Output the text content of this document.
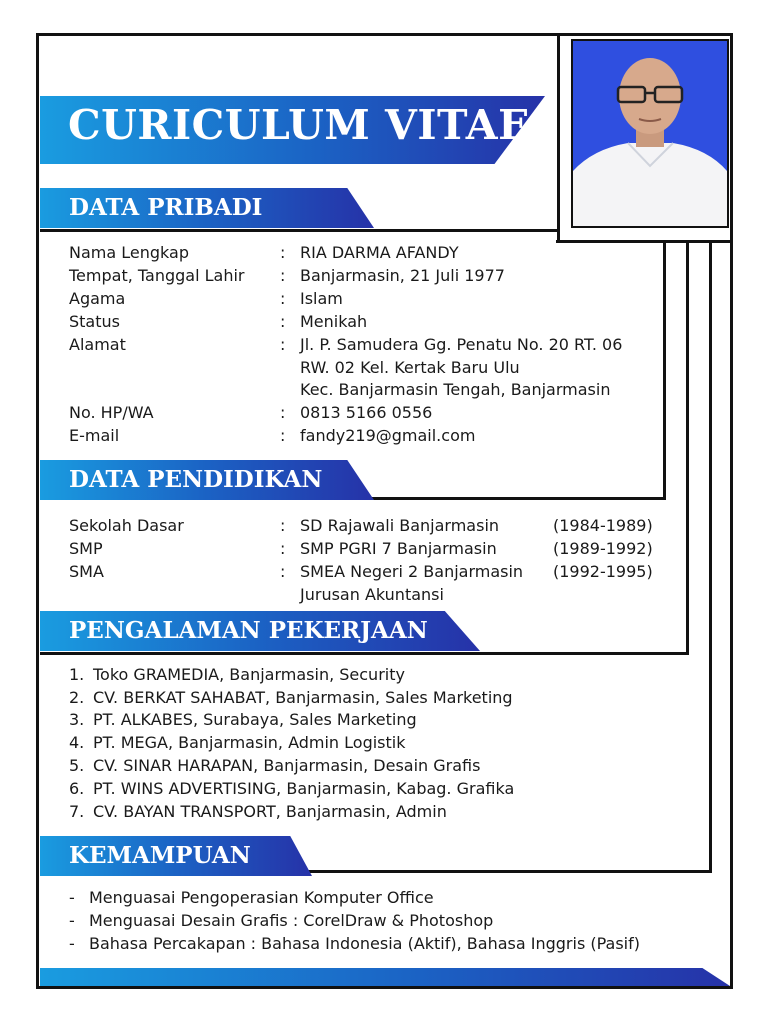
CURICULUM VITAE
DATA PRIBADI
Nama Lengkap	: RIA DARMA AFANDY
Tempat, Tanggal Lahir : Banjarmasin, 21 Juli 1977
Agama	: Islam
Status	: Menikah
Alamat	: Jl. P. Samudera Gg. Penatu No. 20 RT. 06
RW. 02 Kel. Kertak Baru Ulu
Kec. Banjarmasin Tengah, Banjarmasin
No. HP/WA	: 0813 5166 0556
E-mail	: fandy219@gmail.com
DATA PENDIDIKAN
Sekolah Dasar	: SD Rajawali Banjarmasin	(1984-1989)
SMP	: SMP PGRI 7 Banjarmasin	(1989-1992)
SMA	: SMEA Negeri 2 Banjarmasin (1992-1995)
Jurusan Akuntansi
PENGALAMAN PEKERJAAN
1. Toko GRAMEDIA, Banjarmasin, Security
2. CV. BERKAT SAHABAT, Banjarmasin, Sales Marketing
3. PT. ALKABES, Surabaya, Sales Marketing
4. PT. MEGA, Banjarmasin, Admin Logistik
5. CV. SINAR HARAPAN, Banjarmasin, Desain Grafis
6. PT. WINS ADVERTISING, Banjarmasin, Kabag. Grafika
7. CV. BAYAN TRANSPORT, Banjarmasin, Admin
KEMAMPUAN
- Menguasai Pengoperasian Komputer Office
- Menguasai Desain Grafis : CorelDraw & Photoshop
- Bahasa Percakapan : Bahasa Indonesia (Aktif), Bahasa Inggris (Pasif)
